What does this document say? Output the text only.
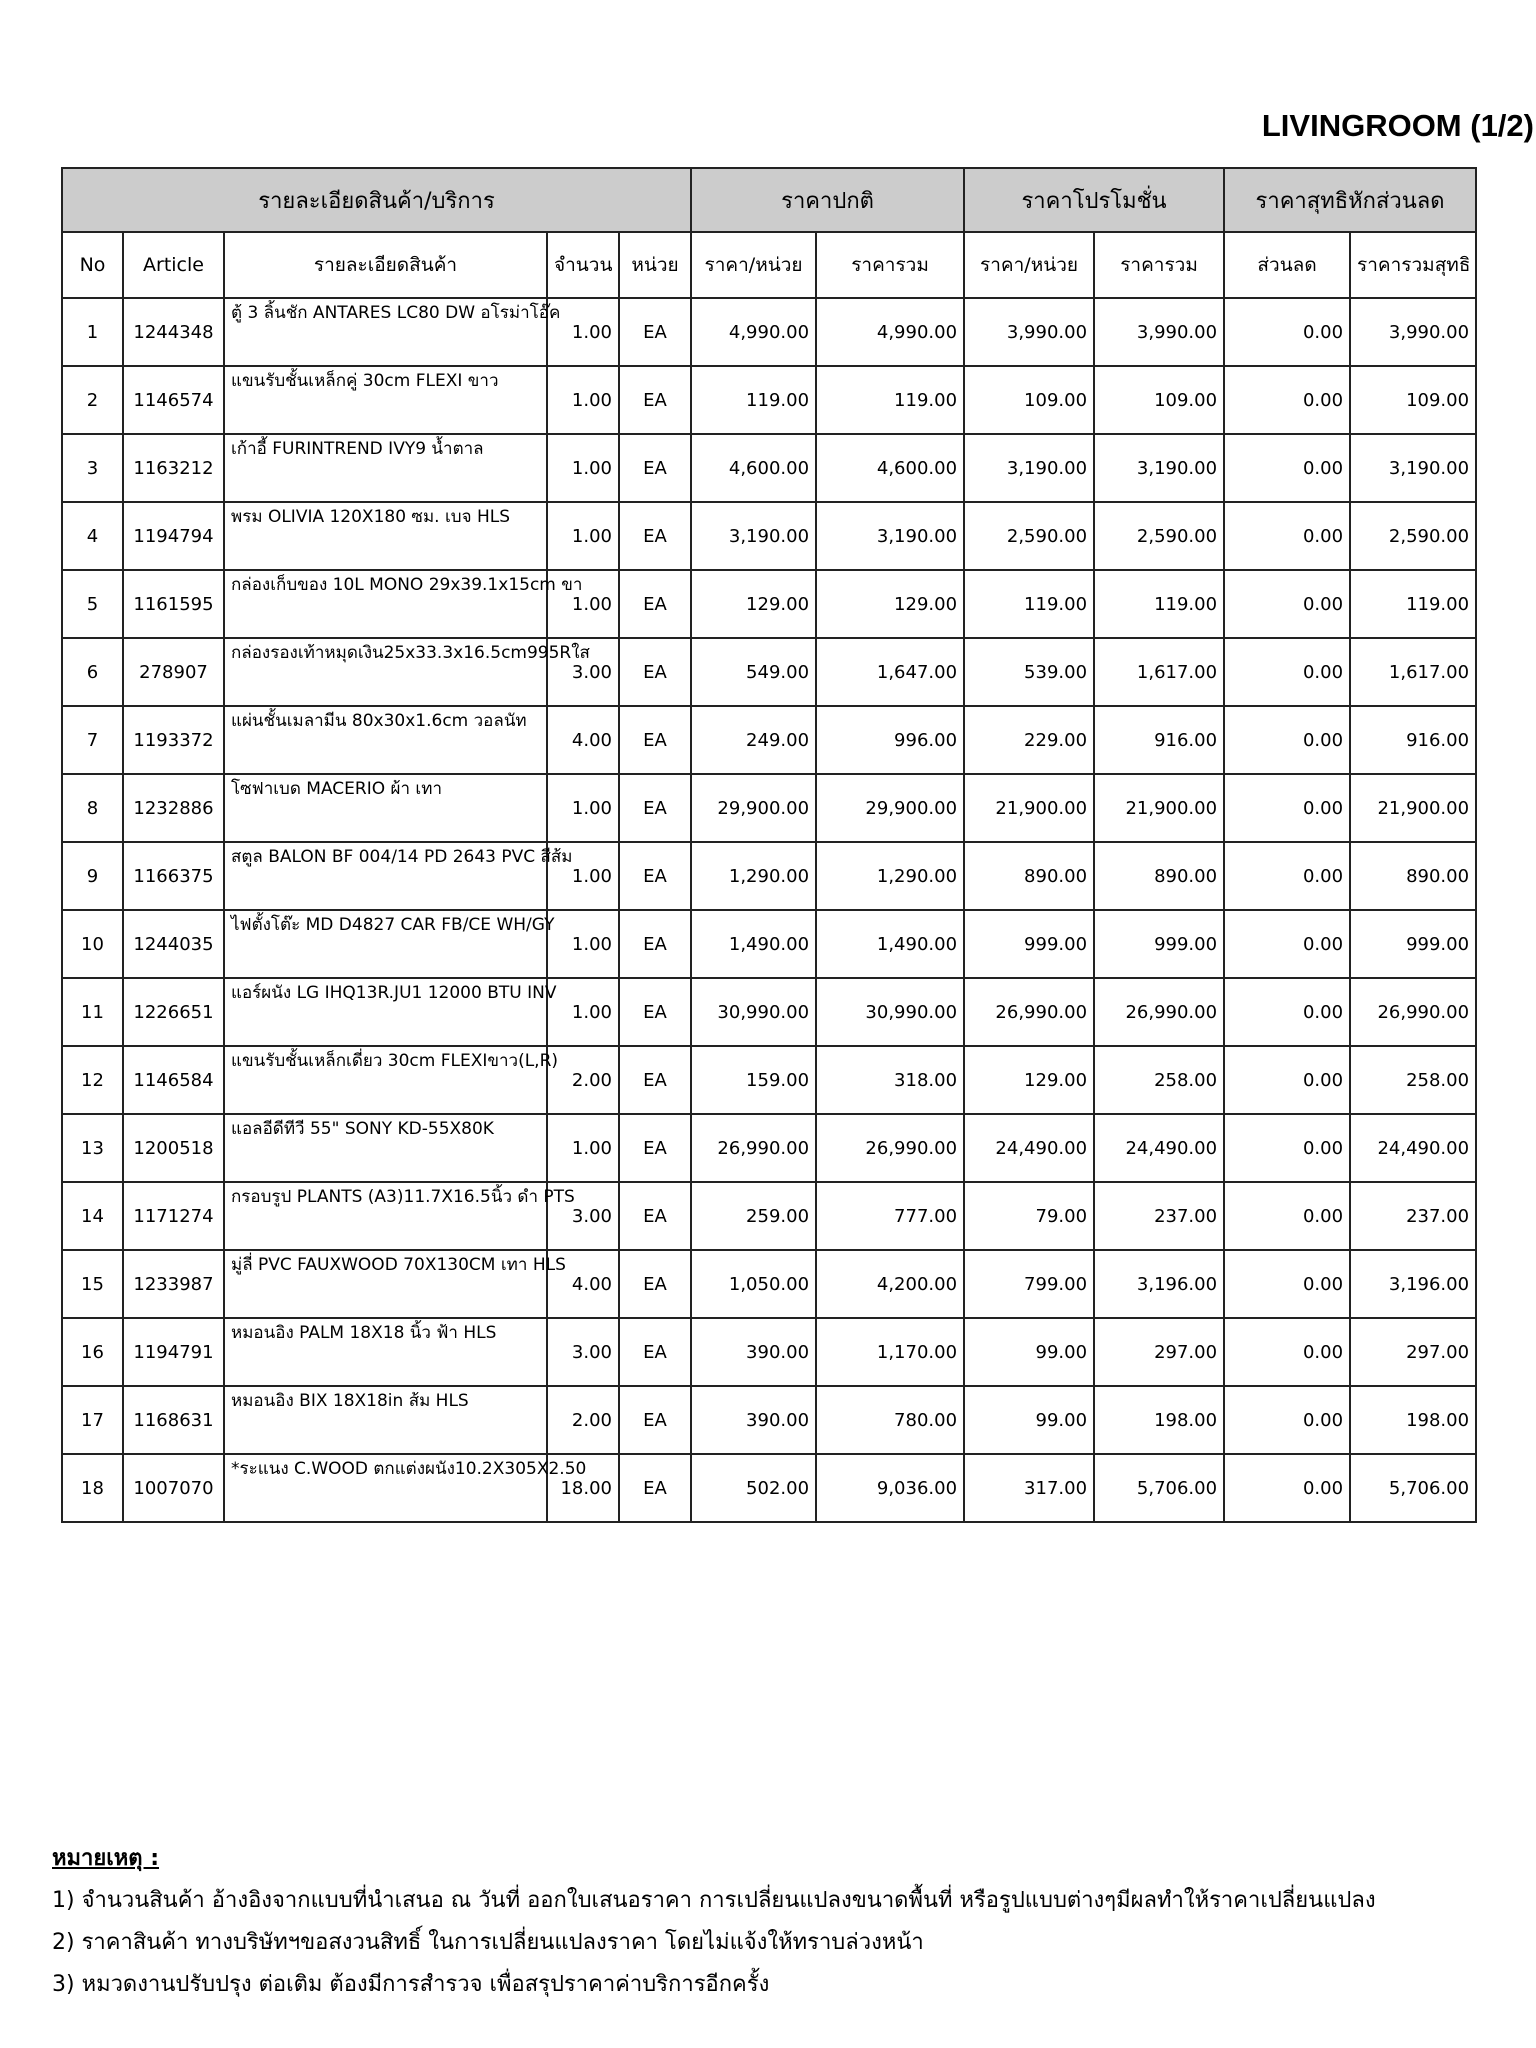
LIVINGROOM (1/2)
รายละเอียดสินค้า/บริการ					ราคาปกติ		ราคาโปรโมชั่น		ราคาสุทธิหักส่วนลด	
No	Article	รายละเอียดสินค้า	จำนวน	หน่วย	ราคา/หน่วย	ราคารวม	ราคา/หน่วย	ราคารวม	ส่วนลด	ราคารวมสุทธิ
1	1244348	ตู้ 3 ลิ้นชัก ANTARES LC80 DW อโรม่าโอ๊ค	1.00	EA	4,990.00	4,990.00	3,990.00	3,990.00	0.00	3,990.00
2	1146574	แขนรับชั้นเหล็กคู่ 30cm FLEXI ขาว	1.00	EA	119.00	119.00	109.00	109.00	0.00	109.00
3	1163212	เก้าอี้ FURINTREND IVY9 น้ำตาล	1.00	EA	4,600.00	4,600.00	3,190.00	3,190.00	0.00	3,190.00
4	1194794	พรม OLIVIA 120X180 ซม. เบจ HLS	1.00	EA	3,190.00	3,190.00	2,590.00	2,590.00	0.00	2,590.00
5	1161595	กล่องเก็บของ 10L MONO 29x39.1x15cm ขา	1.00	EA	129.00	129.00	119.00	119.00	0.00	119.00
6	278907	กล่องรองเท้าหมุดเงิน25x33.3x16.5cm995Rใส	3.00	EA	549.00	1,647.00	539.00	1,617.00	0.00	1,617.00
7	1193372	แผ่นชั้นเมลามีน 80x30x1.6cm วอลนัท	4.00	EA	249.00	996.00	229.00	916.00	0.00	916.00
8	1232886	โซฟาเบด MACERIO ผ้า เทา	1.00	EA	29,900.00	29,900.00	21,900.00	21,900.00	0.00	21,900.00
9	1166375	สตูล BALON BF 004/14 PD 2643 PVC สีส้ม	1.00	EA	1,290.00	1,290.00	890.00	890.00	0.00	890.00
10	1244035	ไฟตั้งโต๊ะ MD D4827 CAR FB/CE WH/GY	1.00	EA	1,490.00	1,490.00	999.00	999.00	0.00	999.00
11	1226651	แอร์ผนัง LG IHQ13R.JU1 12000 BTU INV	1.00	EA	30,990.00	30,990.00	26,990.00	26,990.00	0.00	26,990.00
12	1146584	แขนรับชั้นเหล็กเดี่ยว 30cm FLEXIขาว(L,R)	2.00	EA	159.00	318.00	129.00	258.00	0.00	258.00
13	1200518	แอลอีดีทีวี 55" SONY KD-55X80K	1.00	EA	26,990.00	26,990.00	24,490.00	24,490.00	0.00	24,490.00
14	1171274	กรอบรูป PLANTS (A3)11.7X16.5นิ้ว ดำ PTS	3.00	EA	259.00	777.00	79.00	237.00	0.00	237.00
15	1233987	มู่ลี่ PVC FAUXWOOD 70X130CM เทา HLS	4.00	EA	1,050.00	4,200.00	799.00	3,196.00	0.00	3,196.00
16	1194791	หมอนอิง PALM 18X18 นิ้ว ฟ้า HLS	3.00	EA	390.00	1,170.00	99.00	297.00	0.00	297.00
17	1168631	หมอนอิง BIX 18X18in ส้ม HLS	2.00	EA	390.00	780.00	99.00	198.00	0.00	198.00
18	1007070	*ระแนง C.WOOD ตกแต่งผนัง10.2X305X2.50	18.00	EA	502.00	9,036.00	317.00	5,706.00	0.00	5,706.00
หมายเหตุ :
1) จำนวนสินค้า อ้างอิงจากแบบที่นำเสนอ ณ วันที่ ออกใบเสนอราคา การเปลี่ยนแปลงขนาดพื้นที่ หรือรูปแบบต่างๆมีผลทำให้ราคาเปลี่ยนแปลง
2) ราคาสินค้า ทางบริษัทฯขอสงวนสิทธิ์ ในการเปลี่ยนแปลงราคา โดยไม่แจ้งให้ทราบล่วงหน้า
3) หมวดงานปรับปรุง ต่อเติม ต้องมีการสำรวจ เพื่อสรุปราคาค่าบริการอีกครั้ง
